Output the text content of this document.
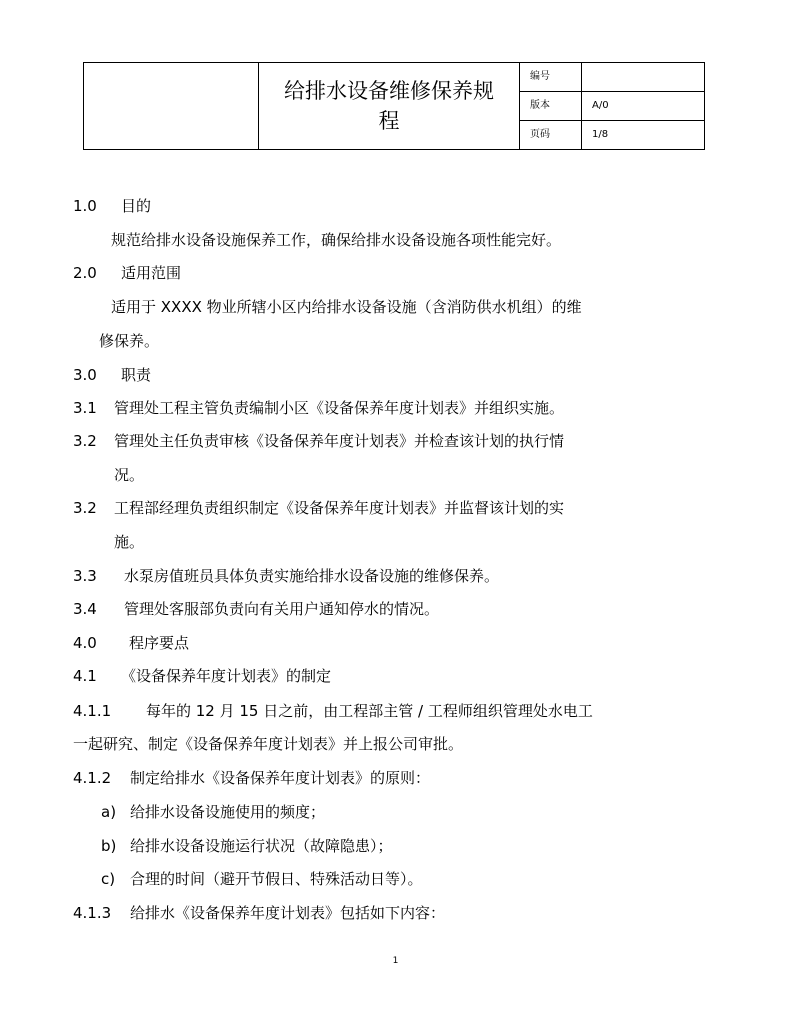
给排水设备维修保养规
程
编号
版本	A/0
页码	1/8
1.0 目的
规范给排水设备设施保养工作，确保给排水设备设施各项性能完好。
2.0 适用范围
适用于 XXXX 物业所辖小区内给排水设备设施（含消防供水机组）的维
修保养。
3.0 职责
3.1 管理处工程主管负责编制小区《设备保养年度计划表》并组织实施。
3.2 管理处主任负责审核《设备保养年度计划表》并检查该计划的执行情
况。
3.2 工程部经理负责组织制定《设备保养年度计划表》并监督该计划的实
施。
3.3 水泵房值班员具体负责实施给排水设备设施的维修保养。
3.4 管理处客服部负责向有关用户通知停水的情况。
4.0 程序要点
4.1 《设备保养年度计划表》的制定
4.1.1 每年的 12 月 15 日之前，由工程部主管 / 工程师组织管理处水电工
一起研究、制定《设备保养年度计划表》并上报公司审批。
4.1.2 制定给排水《设备保养年度计划表》的原则：
a) 给排水设备设施使用的频度；
b) 给排水设备设施运行状况（故障隐患）；
c) 合理的时间（避开节假日、特殊活动日等）。
4.1.3 给排水《设备保养年度计划表》包括如下内容：
1
